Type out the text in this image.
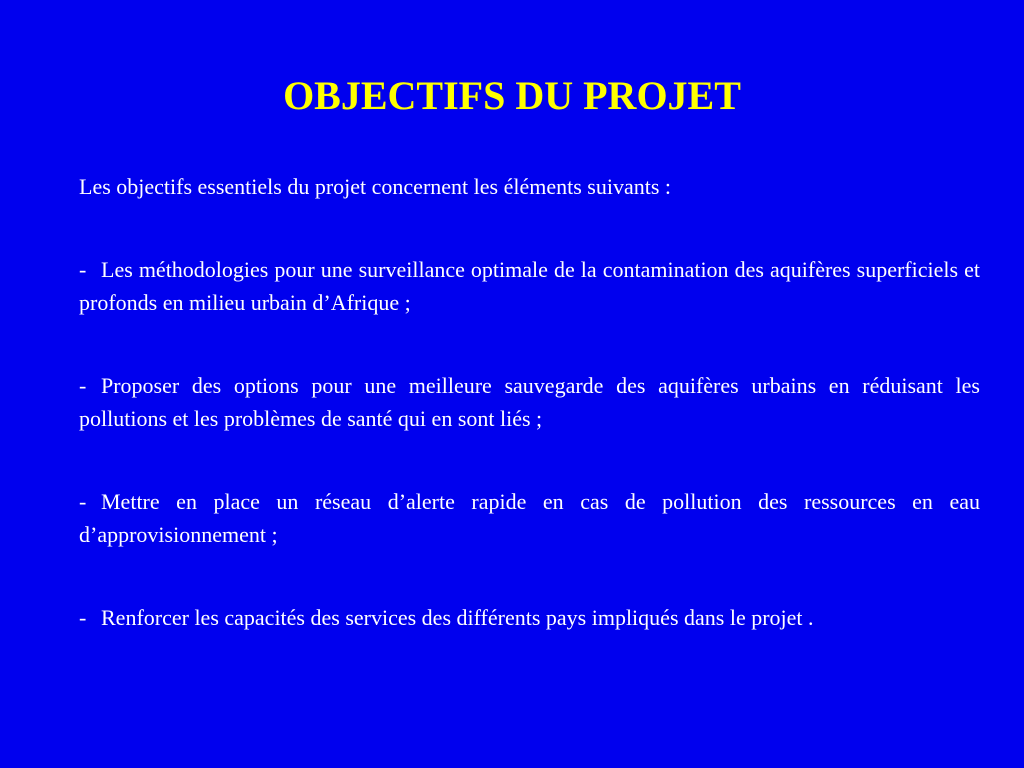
OBJECTIFS DU PROJET

Les objectifs essentiels du projet concernent les éléments suivants :

- Les méthodologies pour une surveillance optimale de la contamination des aquifères superficiels et profonds en milieu urbain d’Afrique ;

- Proposer des options pour une meilleure sauvegarde des aquifères urbains en réduisant les pollutions et les problèmes de santé qui en sont liés ;

- Mettre en place un réseau d’alerte rapide en cas de pollution des ressources en eau d’approvisionnement ;

- Renforcer les capacités des services des différents pays impliqués dans le projet .
